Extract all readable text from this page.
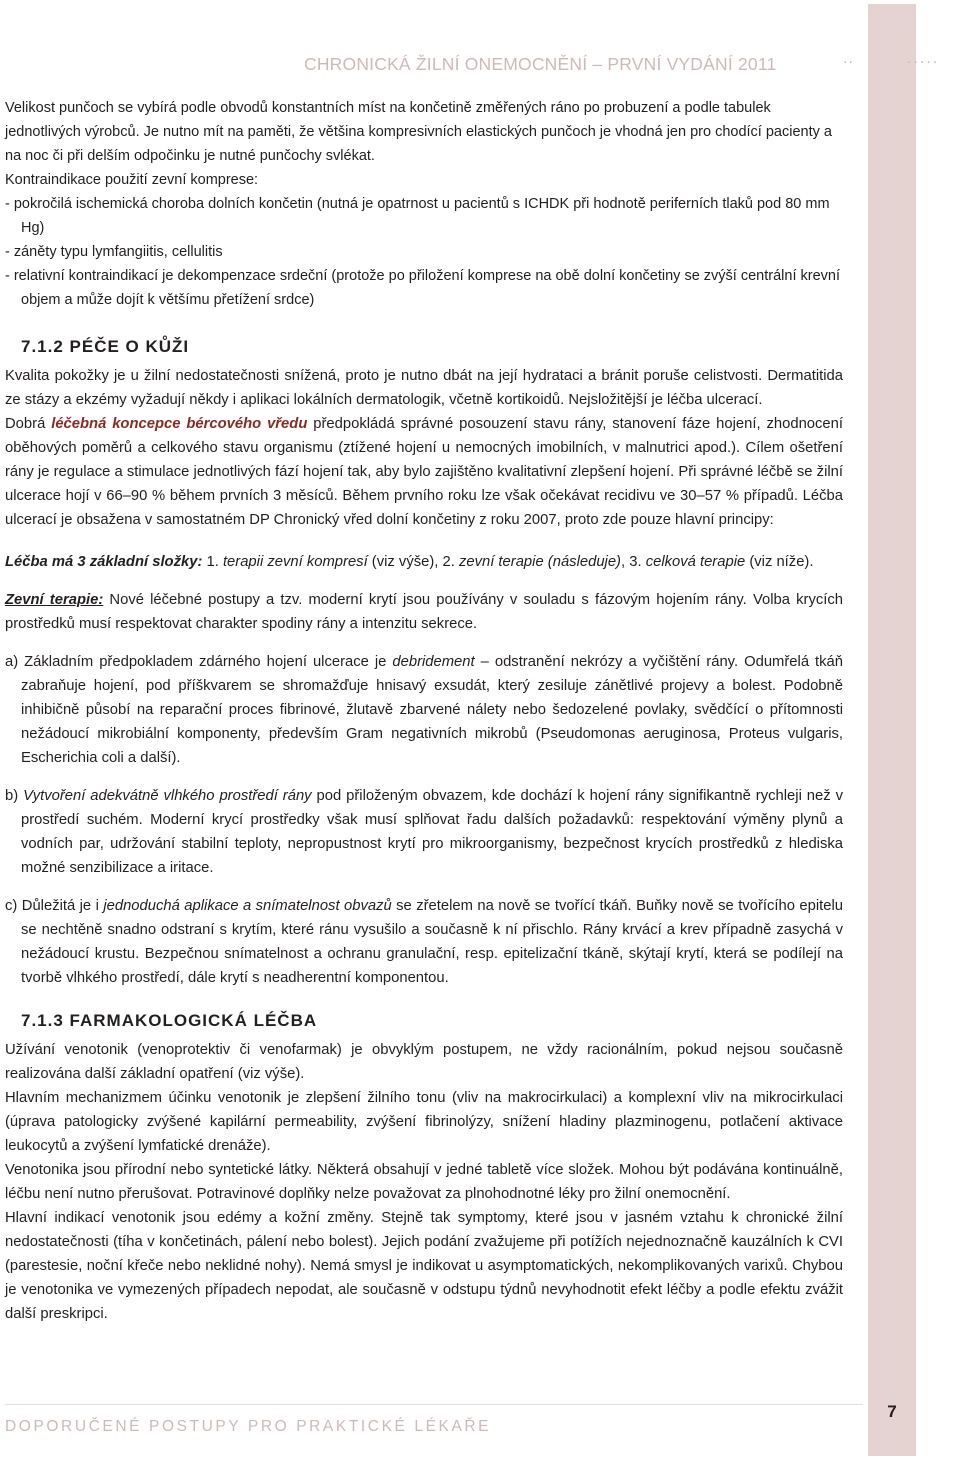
7
CHRONICKÁ ŽILNÍ ONEMOCNĚNÍ – PRVNÍ VYDÁNÍ 2011	..	.....

Velikost punčoch se vybírá podle obvodů konstantních míst na končetině změřených ráno po probuzení a podle tabulek jednotlivých výrobců. Je nutno mít na paměti, že většina kompresivních elastických punčoch je vhodná jen pro chodící pacienty a na noc či při delším odpočinku je nutné punčochy svlékat.

Kontraindikace použití zevní komprese:

- pokročilá ischemická choroba dolních končetin (nutná je opatrnost u pacientů s ICHDK při hodnotě periferních tlaků pod 80 mm Hg)

- záněty typu lymfangiitis, cellulitis

- relativní kontraindikací je dekompenzace srdeční (protože po přiložení komprese na obě dolní končetiny se zvýší centrální krevní objem a může dojít k většímu přetížení srdce)

7.1.2 PÉČE O KŮŽI

Kvalita pokožky je u žilní nedostatečnosti snížená, proto je nutno dbát na její hydrataci a bránit poruše celistvosti. Dermatitida ze stázy a ekzémy vyžadují někdy i aplikaci lokálních dermatologik, včetně kortikoidů. Nejsložitější je léčba ulcerací.

Dobrá léčebná koncepce bércového vředu předpokládá správné posouzení stavu rány, stanovení fáze hojení, zhodnocení oběhových poměrů a celkového stavu organismu (ztížené hojení u nemocných imobilních, v malnutrici apod.). Cílem ošetření rány je regulace a stimulace jednotlivých fází hojení tak, aby bylo zajištěno kvalitativní zlepšení hojení. Při správné léčbě se žilní ulcerace hojí v 66–90 % během prvních 3 měsíců. Během prvního roku lze však očekávat recidivu ve 30–57 % případů. Léčba ulcerací je obsažena v samostatném DP Chronický vřed dolní končetiny z roku 2007, proto zde pouze hlavní principy:

Léčba má 3 základní složky: 1. terapii zevní kompresí (viz výše), 2. zevní terapie (následuje), 3. celková terapie (viz níže).

Zevní terapie: Nové léčebné postupy a tzv. moderní krytí jsou používány v souladu s fázovým hojením rány. Volba krycích prostředků musí respektovat charakter spodiny rány a intenzitu sekrece.

a) Základním předpokladem zdárného hojení ulcerace je debridement – odstranění nekrózy a vyčištění rány. Odumřelá tkáň zabraňuje hojení, pod příškvarem se shromažďuje hnisavý exsudát, který zesiluje zánětlivé projevy a bolest. Podobně inhibičně působí na reparační proces fibrinové, žlutavě zbarvené nálety nebo šedozelené povlaky, svědčící o přítomnosti nežádoucí mikrobiální komponenty, především Gram negativních mikrobů (Pseudomonas aeruginosa, Proteus vulgaris, Escherichia coli a další).

b) Vytvoření adekvátně vlhkého prostředí rány pod přiloženým obvazem, kde dochází k hojení rány signifikantně rychleji než v prostředí suchém. Moderní krycí prostředky však musí splňovat řadu dalších požadavků: respektování výměny plynů a vodních par, udržování stabilní teploty, nepropustnost krytí pro mikroorganismy, bezpečnost krycích prostředků z hlediska možné senzibilizace a iritace.

c) Důležitá je i jednoduchá aplikace a snímatelnost obvazů se zřetelem na nově se tvořící tkáň. Buňky nově se tvořícího epitelu se nechtěně snadno odstraní s krytím, které ránu vysušilo a současně k ní přischlo. Rány krvácí a krev případně zasychá v nežádoucí krustu. Bezpečnou snímatelnost a ochranu granulační, resp. epitelizační tkáně, skýtají krytí, která se podílejí na tvorbě vlhkého prostředí, dále krytí s neadherentní komponentou.

7.1.3 FARMAKOLOGICKÁ LÉČBA

Užívání venotonik (venoprotektiv či venofarmak) je obvyklým postupem, ne vždy racionálním, pokud nejsou současně realizována další základní opatření (viz výše).

Hlavním mechanizmem účinku venotonik je zlepšení žilního tonu (vliv na makrocirkulaci) a komplexní vliv na mikrocirkulaci (úprava patologicky zvýšené kapilární permeability, zvýšení fibrinolýzy, snížení hladiny plazminogenu, potlačení aktivace leukocytů a zvýšení lymfatické drenáže).

Venotonika jsou přírodní nebo syntetické látky. Některá obsahují v jedné tabletě více složek. Mohou být podávána kontinuálně, léčbu není nutno přerušovat. Potravinové doplňky nelze považovat za plnohodnotné léky pro žilní onemocnění.

Hlavní indikací venotonik jsou edémy a kožní změny. Stejně tak symptomy, které jsou v jasném vztahu k chronické žilní nedostatečnosti (tíha v končetinách, pálení nebo bolest). Jejich podání zvažujeme při potížích nejednoznačně kauzálních k CVI (parestesie, noční křeče nebo neklidné nohy). Nemá smysl je indikovat u asymptomatických, nekomplikovaných varixů. Chybou je venotonika ve vymezených případech nepodat, ale současně v odstupu týdnů nevyhodnotit efekt léčby a podle efektu zvážit další preskripci.

DOPORUČENÉ POSTUPY PRO PRAKTICKÉ LÉKAŘE
